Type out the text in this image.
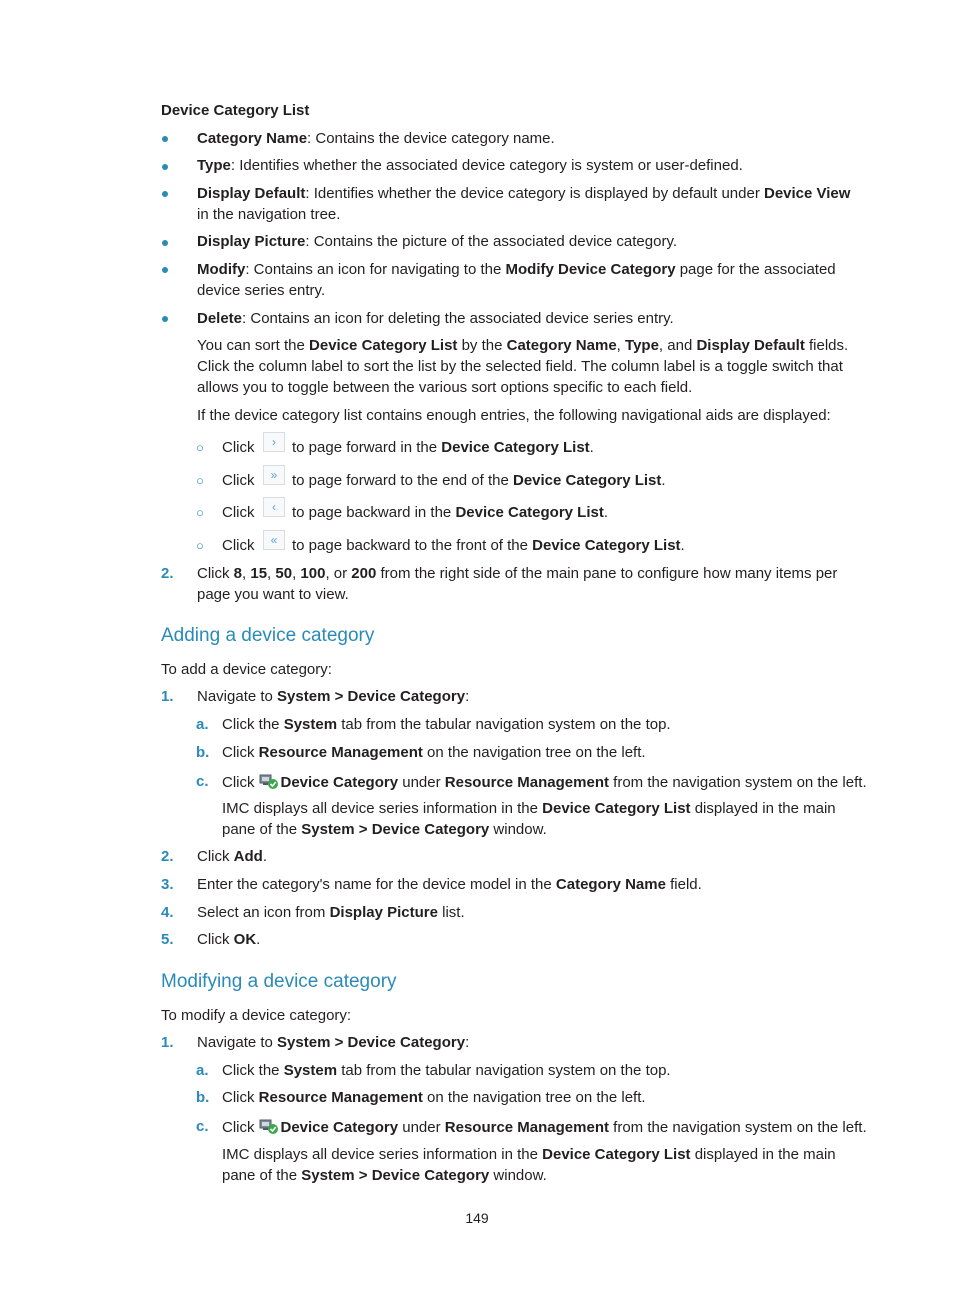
Device Category List
Category Name: Contains the device category name.
Type: Identifies whether the associated device category is system or user-defined.
Display Default: Identifies whether the device category is displayed by default under Device View
in the navigation tree.
Display Picture: Contains the picture of the associated device category.
Modify: Contains an icon for navigating to the Modify Device Category page for the associated
device series entry.
Delete: Contains an icon for deleting the associated device series entry.
You can sort the Device Category List by the Category Name, Type, and Display Default fields.
Click the column label to sort the list by the selected field. The column label is a toggle switch that
allows you to toggle between the various sort options specific to each field.
If the device category list contains enough entries, the following navigational aids are displayed:
○ Click	›	to page forward in the Device Category List.
○ Click	» to page forward to the end of the Device Category List.
○ Click	‹	to page backward in the Device Category List.
○ Click	« to page backward to the front of the Device Category List.
2. Click 8, 15, 50, 100, or 200 from the right side of the main pane to configure how many items per
page you want to view.
Adding a device category
To add a device category:
1. Navigate to System > Device Category:
a. Click the System tab from the tabular navigation system on the top.
b. Click Resource Management on the navigation tree on the left.
c. Click Device Category under Resource Management from the navigation system on the left.
IMC displays all device series information in the Device Category List displayed in the main
pane of the System > Device Category window.
2. Click Add.
3. Enter the category's name for the device model in the Category Name field.
4. Select an icon from Display Picture list.
5. Click OK.
Modifying a device category
To modify a device category:
1. Navigate to System > Device Category:
a. Click the System tab from the tabular navigation system on the top.
b. Click Resource Management on the navigation tree on the left.
c. Click Device Category under Resource Management from the navigation system on the left.
IMC displays all device series information in the Device Category List displayed in the main
pane of the System > Device Category window.
149
